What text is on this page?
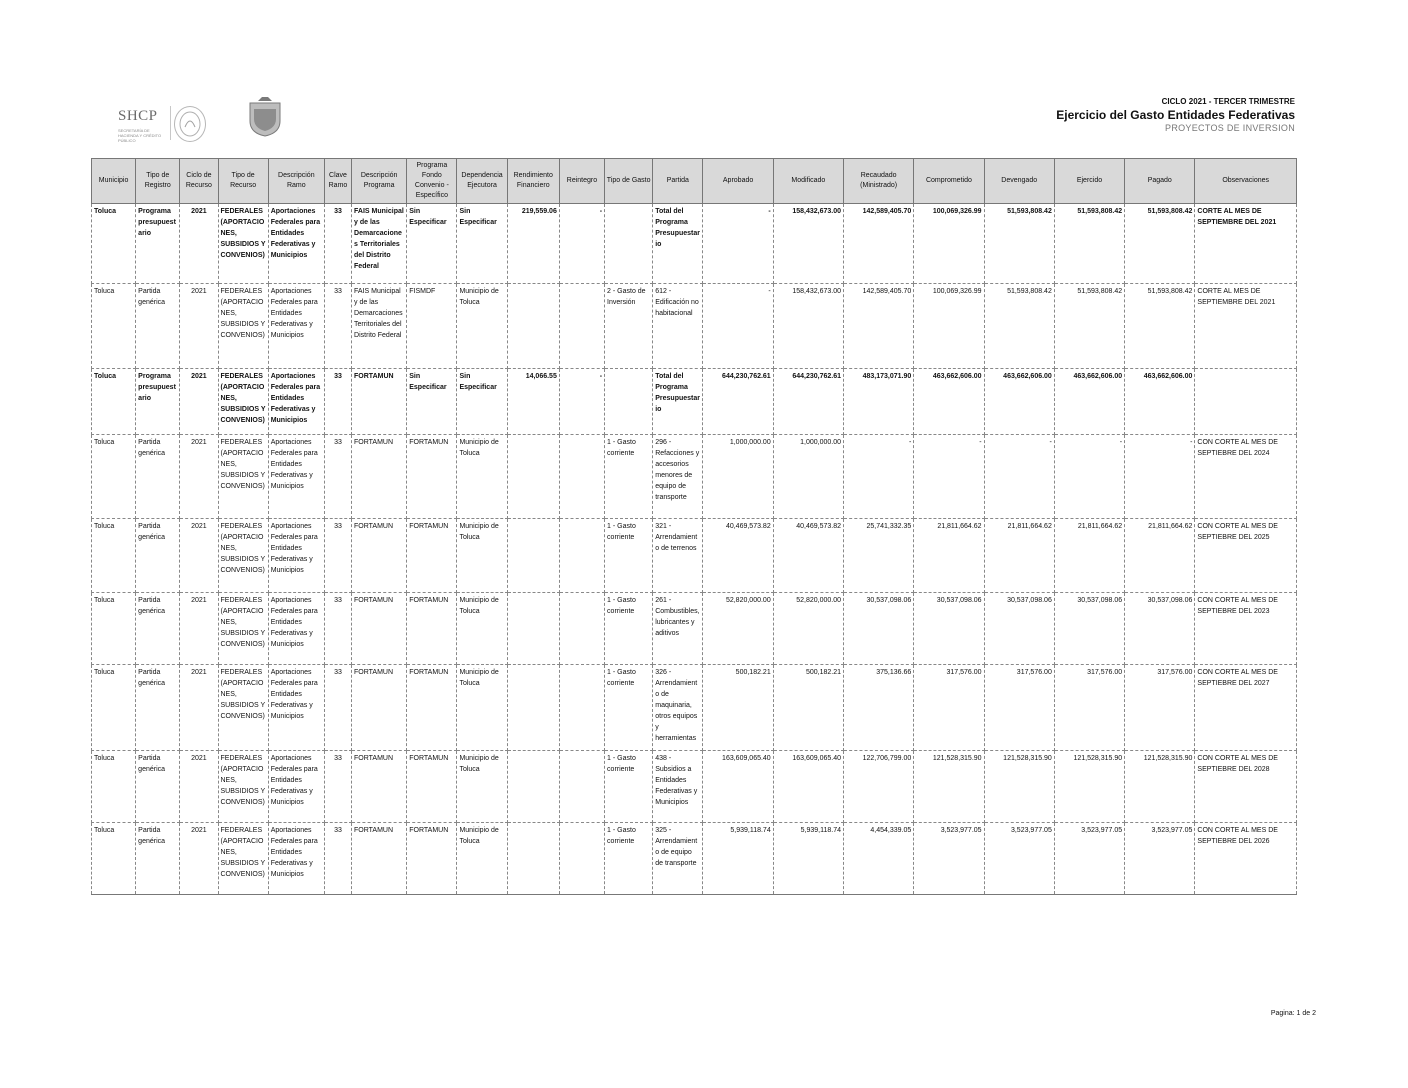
SHCP
SECRETARÍA DE HACIENDA Y CRÉDITO PÚBLICO
CICLO 2021 - TERCER TRIMESTRE
Ejercicio del Gasto Entidades Federativas
PROYECTOS DE INVERSION
Municipio	Tipo de Registro	Ciclo de Recurso	Tipo de Recurso	Descripción Ramo	Clave Ramo	Descripción Programa	Programa Fondo Convenio - Específico	Dependencia Ejecutora	Rendimiento Financiero	Reintegro	Tipo de Gasto	Partida	Aprobado	Modificado	Recaudado (Ministrado)	Comprometido	Devengado	Ejercido	Pagado	Observaciones
Toluca	Programa presupuestario	2021	FEDERALES (APORTACIONES, SUBSIDIOS Y CONVENIOS)	Aportaciones Federales para Entidades Federativas y Municipios	33	FAIS Municipal y de las Demarcaciones Territoriales del Distrito Federal	Sin Especificar	Sin Especificar	219,559.06	-		Total del Programa Presupuestario	-	158,432,673.00	142,589,405.70	100,069,326.99	51,593,808.42	51,593,808.42	51,593,808.42	CORTE AL MES DE SEPTIEMBRE DEL 2021
Toluca	Partida genérica	2021	FEDERALES (APORTACIONES, SUBSIDIOS Y CONVENIOS)	Aportaciones Federales para Entidades Federativas y Municipios	33	FAIS Municipal y de las Demarcaciones Territoriales del Distrito Federal	FISMDF	Municipio de Toluca			2 - Gasto de Inversión	612 - Edificación no habitacional	-	158,432,673.00	142,589,405.70	100,069,326.99	51,593,808.42	51,593,808.42	51,593,808.42	CORTE AL MES DE SEPTIEMBRE DEL 2021
Toluca	Programa presupuestario	2021	FEDERALES (APORTACIONES, SUBSIDIOS Y CONVENIOS)	Aportaciones Federales para Entidades Federativas y Municipios	33	FORTAMUN	Sin Especificar	Sin Especificar	14,066.55	-		Total del Programa Presupuestario	644,230,762.61	644,230,762.61	483,173,071.90	463,662,606.00	463,662,606.00	463,662,606.00	463,662,606.00	
Toluca	Partida genérica	2021	FEDERALES (APORTACIONES, SUBSIDIOS Y CONVENIOS)	Aportaciones Federales para Entidades Federativas y Municipios	33	FORTAMUN	FORTAMUN	Municipio de Toluca			1 - Gasto corriente	296 - Refacciones y accesorios menores de equipo de transporte	1,000,000.00	1,000,000.00	-	-	-	-	-	CON CORTE AL MES DE SEPTIEBRE DEL 2024
Toluca	Partida genérica	2021	FEDERALES (APORTACIONES, SUBSIDIOS Y CONVENIOS)	Aportaciones Federales para Entidades Federativas y Municipios	33	FORTAMUN	FORTAMUN	Municipio de Toluca			1 - Gasto corriente	321 - Arrendamiento de terrenos	40,469,573.82	40,469,573.82	25,741,332.35	21,811,664.62	21,811,664.62	21,811,664.62	21,811,664.62	CON CORTE AL MES DE SEPTIEBRE DEL 2025
Toluca	Partida genérica	2021	FEDERALES (APORTACIONES, SUBSIDIOS Y CONVENIOS)	Aportaciones Federales para Entidades Federativas y Municipios	33	FORTAMUN	FORTAMUN	Municipio de Toluca			1 - Gasto corriente	261 - Combustibles, lubricantes y aditivos	52,820,000.00	52,820,000.00	30,537,098.06	30,537,098.06	30,537,098.06	30,537,098.06	30,537,098.06	CON CORTE AL MES DE SEPTIEBRE DEL 2023
Toluca	Partida genérica	2021	FEDERALES (APORTACIONES, SUBSIDIOS Y CONVENIOS)	Aportaciones Federales para Entidades Federativas y Municipios	33	FORTAMUN	FORTAMUN	Municipio de Toluca			1 - Gasto corriente	326 - Arrendamiento de maquinaria, otros equipos y herramientas	500,182.21	500,182.21	375,136.66	317,576.00	317,576.00	317,576.00	317,576.00	CON CORTE AL MES DE SEPTIEBRE DEL 2027
Toluca	Partida genérica	2021	FEDERALES (APORTACIONES, SUBSIDIOS Y CONVENIOS)	Aportaciones Federales para Entidades Federativas y Municipios	33	FORTAMUN	FORTAMUN	Municipio de Toluca			1 - Gasto corriente	438 - Subsidios a Entidades Federativas y Municipios	163,609,065.40	163,609,065.40	122,706,799.00	121,528,315.90	121,528,315.90	121,528,315.90	121,528,315.90	CON CORTE AL MES DE SEPTIEBRE DEL 2028
Toluca	Partida genérica	2021	FEDERALES (APORTACIONES, SUBSIDIOS Y CONVENIOS)	Aportaciones Federales para Entidades Federativas y Municipios	33	FORTAMUN	FORTAMUN	Municipio de Toluca			1 - Gasto corriente	325 - Arrendamiento de equipo de transporte	5,939,118.74	5,939,118.74	4,454,339.05	3,523,977.05	3,523,977.05	3,523,977.05	3,523,977.05	CON CORTE AL MES DE SEPTIEBRE DEL 2026
Pagina: 1 de 2
